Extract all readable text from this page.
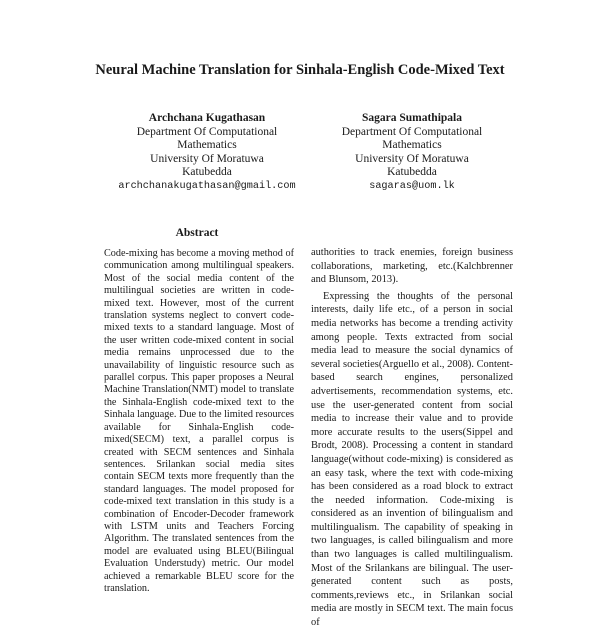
Neural Machine Translation for Sinhala-English Code-Mixed Text
Archchana Kugathasan
Department Of Computational
Mathematics
University Of Moratuwa
Katubedda
archchanakugathasan@gmail.com
Sagara Sumathipala
Department Of Computational
Mathematics
University Of Moratuwa
Katubedda
sagaras@uom.lk
Abstract

Code-mixing has become a moving method of communication among multilingual speakers. Most of the social media content of the multilingual societies are written in code-mixed text. However, most of the current translation systems neglect to convert code-mixed texts to a standard language. Most of the user written code-mixed content in social media remains unprocessed due to the unavailability of linguistic resource such as parallel corpus. This paper proposes a Neural Machine Translation(NMT) model to translate the Sinhala-English code-mixed text to the Sinhala language. Due to the limited resources available for Sinhala-English code-mixed(SECM) text, a parallel corpus is created with SECM sentences and Sinhala sentences. Srilankan social media sites contain SECM texts more frequently than the standard languages. The model proposed for code-mixed text translation in this study is a combination of Encoder-Decoder framework with LSTM units and Teachers Forcing Algorithm. The translated sentences from the model are evaluated using BLEU(Bilingual Evaluation Understudy) metric. Our model achieved a remarkable BLEU score for the translation.

authorities to track enemies, foreign business collaborations, marketing, etc.(Kalchbrenner and Blunsom, 2013).

Expressing the thoughts of the personal interests, daily life etc., of a person in social media networks has become a trending activity among people. Texts extracted from social media lead to measure the social dynamics of several societies(Arguello et al., 2008). Content-based search engines, personalized advertisements, recommendation systems, etc. use the user-generated content from social media to increase their value and to provide more accurate results to the users(Sippel and Brodt, 2008). Processing a content in standard language(without code-mixing) is considered as an easy task, where the text with code-mixing has been considered as a road block to extract the needed information. Code-mixing is considered as an invention of bilingualism and multilingualism. The capability of speaking in two languages, is called bilingualism and more than two languages is called multilingualism. Most of the Srilankans are bilingual. The user-generated content such as posts, comments,reviews etc., in Srilankan social media are mostly in SECM text. The main focus of
